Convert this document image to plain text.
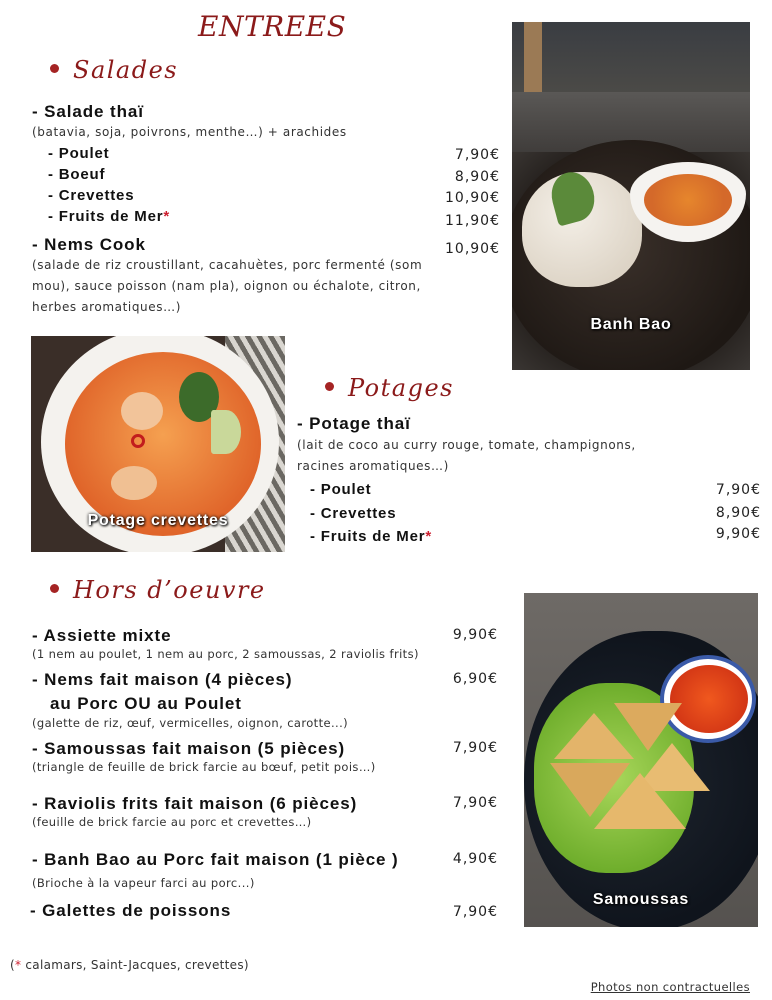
ENTREES
Salades
- Salade thaï
(batavia, soja, poivrons, menthe…) + arachides
- Poulet	7,90€
- Boeuf	8,90€
- Crevettes	10,90€
- Fruits de Mer*	11,90€
- Nems Cook	10,90€
(salade de riz croustillant, cacahuètes, porc fermenté (som
mou), sauce poisson (nam pla), oignon ou échalote, citron,
herbes aromatiques…)
Banh Bao
Potage crevettes
Potages
- Potage thaï
(lait de coco au curry rouge, tomate, champignons,
racines aromatiques…)
- Poulet	7,90€
- Crevettes	8,90€
- Fruits de Mer*	9,90€
Hors d’oeuvre
- Assiette mixte	9,90€
(1 nem au poulet, 1 nem au porc, 2 samoussas, 2 raviolis frits)
- Nems fait maison (4 pièces)	6,90€
au Porc OU au Poulet
(galette de riz, œuf, vermicelles, oignon, carotte...)
- Samoussas fait maison (5 pièces)	7,90€
(triangle de feuille de brick farcie au bœuf, petit pois…)
- Raviolis frits fait maison (6 pièces)	7,90€
(feuille de brick farcie au porc et crevettes…)
- Banh Bao au Porc fait maison (1 pièce )	4,90€
(Brioche à la vapeur farci au porc...)
- Galettes de poissons	7,90€
Samoussas
(* calamars, Saint-Jacques, crevettes)
Photos non contractuelles
